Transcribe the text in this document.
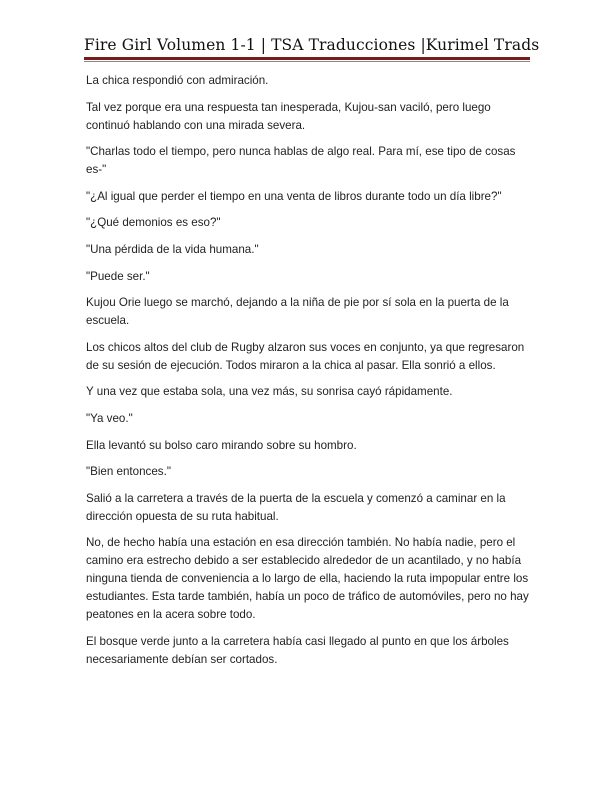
Fire Girl Volumen 1-1 | TSA Traducciones |Kurimel Trads

La chica respondió con admiración.

Tal vez porque era una respuesta tan inesperada, Kujou-san vaciló, pero luego continuó hablando con una mirada severa.

"Charlas todo el tiempo, pero nunca hablas de algo real. Para mí, ese tipo de cosas es-"

"¿Al igual que perder el tiempo en una venta de libros durante todo un día libre?"

"¿Qué demonios es eso?"

"Una pérdida de la vida humana."

"Puede ser."

Kujou Orie luego se marchó, dejando a la niña de pie por sí sola en la puerta de la escuela.

Los chicos altos del club de Rugby alzaron sus voces en conjunto, ya que regresaron de su sesión de ejecución. Todos miraron a la chica al pasar. Ella sonrió a ellos.

Y una vez que estaba sola, una vez más, su sonrisa cayó rápidamente.

"Ya veo."

Ella levantó su bolso caro mirando sobre su hombro.

"Bien entonces."

Salió a la carretera a través de la puerta de la escuela y comenzó a caminar en la dirección opuesta de su ruta habitual.

No, de hecho había una estación en esa dirección también. No había nadie, pero el camino era estrecho debido a ser establecido alrededor de un acantilado, y no había ninguna tienda de conveniencia a lo largo de ella, haciendo la ruta impopular entre los estudiantes. Esta tarde también, había un poco de tráfico de automóviles, pero no hay peatones en la acera sobre todo.

El bosque verde junto a la carretera había casi llegado al punto en que los árboles necesariamente debían ser cortados.
